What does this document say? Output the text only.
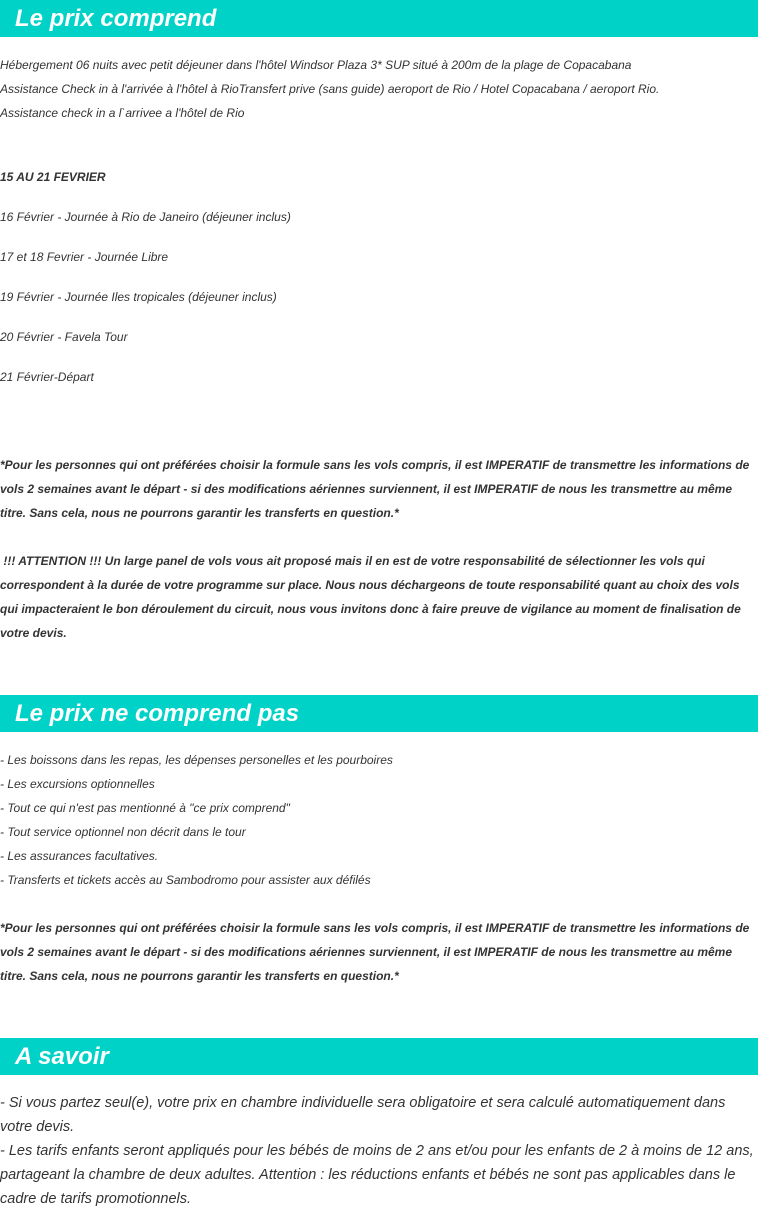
Le prix comprend
Hébergement 06 nuits avec petit déjeuner dans l'hôtel Windsor Plaza 3* SUP situé à 200m de la plage de Copacabana
Assistance Check in à l'arrivée à l'hôtel à RioTransfert prive (sans guide) aeroport de Rio / Hotel Copacabana / aeroport Rio.
Assistance check in a l`arrivee a l'hôtel de Rio
15 AU 21 FEVRIER
16 Février - Journée à Rio de Janeiro (déjeuner inclus)
17 et 18 Fevrier - Journée Libre
19 Février - Journée Iles tropicales (déjeuner inclus)
20 Février - Favela Tour
21 Février-Départ
*Pour les personnes qui ont préférées choisir la formule sans les vols compris, il est IMPERATIF de transmettre les informations de vols 2 semaines avant le départ - si des modifications aériennes surviennent, il est IMPERATIF de nous les transmettre au même titre. Sans cela, nous ne pourrons garantir les transferts en question.*
!!! ATTENTION !!! Un large panel de vols vous ait proposé mais il en est de votre responsabilité de sélectionner les vols qui correspondent à la durée de votre programme sur place. Nous nous déchargeons de toute responsabilité quant au choix des vols qui impacteraient le bon déroulement du circuit, nous vous invitons donc à faire preuve de vigilance au moment de finalisation de votre devis.
Le prix ne comprend pas
- Les boissons dans les repas, les dépenses personelles et les pourboires
- Les excursions optionnelles
- Tout ce qui n'est pas mentionné à "ce prix comprend"
- Tout service optionnel non décrit dans le tour
- Les assurances facultatives.
- Transferts et tickets accès au Sambodromo pour assister aux défilés
*Pour les personnes qui ont préférées choisir la formule sans les vols compris, il est IMPERATIF de transmettre les informations de vols 2 semaines avant le départ - si des modifications aériennes surviennent, il est IMPERATIF de nous les transmettre au même titre. Sans cela, nous ne pourrons garantir les transferts en question.*
A savoir
- Si vous partez seul(e), votre prix en chambre individuelle sera obligatoire et sera calculé automatiquement dans votre devis.
- Les tarifs enfants seront appliqués pour les bébés de moins de 2 ans et/ou pour les enfants de 2 à moins de 12 ans, partageant la chambre de deux adultes. Attention : les réductions enfants et bébés ne sont pas applicables dans le cadre de tarifs promotionnels.
